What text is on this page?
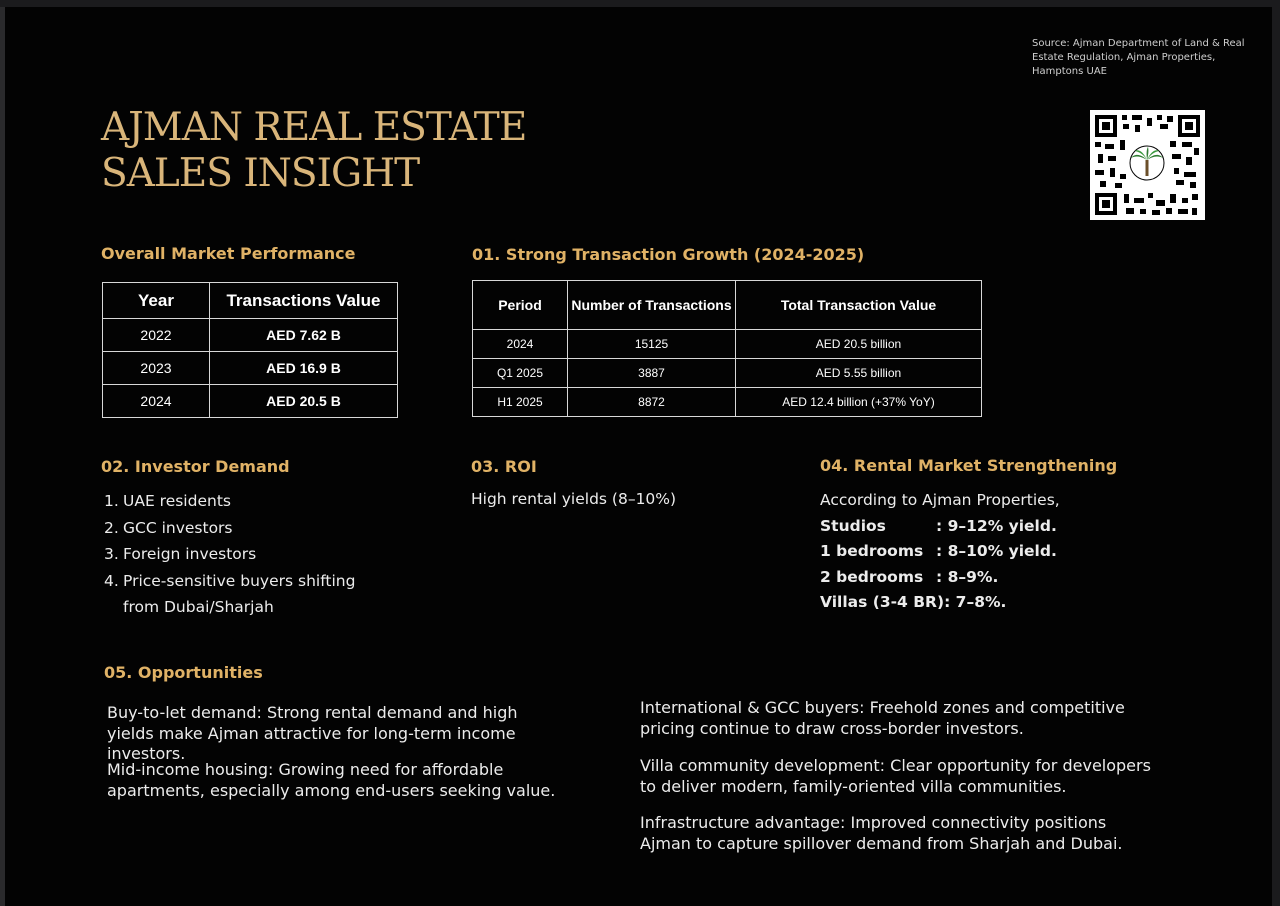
Source: Ajman Department of Land & Real Estate Regulation, Ajman Properties, Hamptons UAE
AJMAN REAL ESTATE
SALES INSIGHT
Overall Market Performance
Year	Transactions Value
2022	AED 7.62 B
2023	AED 16.9 B
2024	AED 20.5 B
01. Strong Transaction Growth (2024-2025)
Period	Number of Transactions	Total Transaction Value
2024	15125	AED 20.5 billion
Q1 2025	3887	AED 5.55 billion
H1 2025	8872	AED 12.4 billion (+37% YoY)
02. Investor Demand
1. UAE residents
2. GCC investors
3. Foreign investors
4. Price-sensitive buyers shifting
from Dubai/Sharjah
03. ROI
High rental yields (8–10%)
04. Rental Market Strengthening
According to Ajman Properties,
Studios	: 9–12% yield.
1 bedrooms : 8–10% yield.
2 bedrooms : 8–9%.
Villas (3-4 BR): 7–8%.
05. Opportunities

Buy-to-let demand: Strong rental demand and high yields make Ajman attractive for long-term income investors.

Mid-income housing: Growing need for affordable apartments, especially among end-users seeking value.

International & GCC buyers: Freehold zones and competitive pricing continue to draw cross-border investors.

Villa community development: Clear opportunity for developers to deliver modern, family-oriented villa communities.

Infrastructure advantage: Improved connectivity positions Ajman to capture spillover demand from Sharjah and Dubai.
